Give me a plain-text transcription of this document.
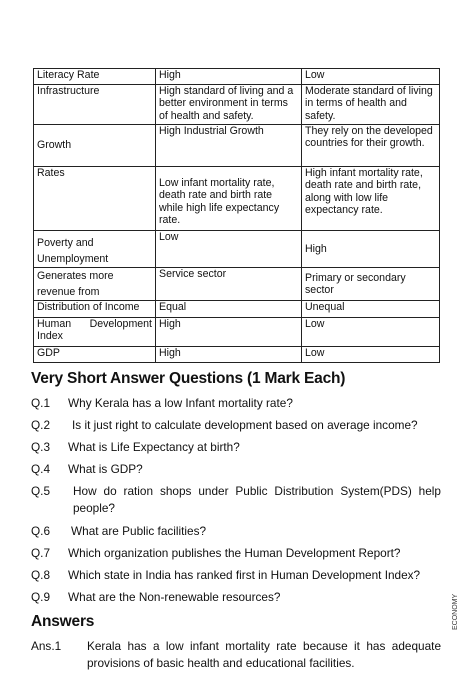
Literacy Rate	High	Low
Infrastructure	High standard of living and a better environment in terms of health and safety.	Moderate standard of living in terms of health and safety.
Growth	High Industrial Growth	They rely on the developed countries for their growth.
Rates	Low infant mortality rate, death rate and birth rate while high life expectancy rate.	High infant mortality rate, death rate and birth rate, along with low life expectancy rate.
Poverty and Unemployment	Low	High
Generates more revenue from	Service sector	Primary or secondary sector
Distribution of Income	Equal	Unequal
Human Development Index	High	Low
GDP	High	Low
Very Short Answer Questions (1 Mark Each)
Q.1 Why Kerala has a low Infant mortality rate?
Q.2 Is it just right to calculate development based on average income?
Q.3 What is Life Expectancy at birth?
Q.4 What is GDP?
Q.5 How do ration shops under Public Distribution System(PDS) help people?
Q.6 What are Public facilities?
Q.7 Which organization publishes the Human Development Report?
Q.8 Which state in India has ranked first in Human Development Index?
Q.9 What are the Non-renewable resources?
Answers
Ans.1 Kerala has a low infant mortality rate because it has adequate provisions of basic health and educational facilities.
ECONOMY
